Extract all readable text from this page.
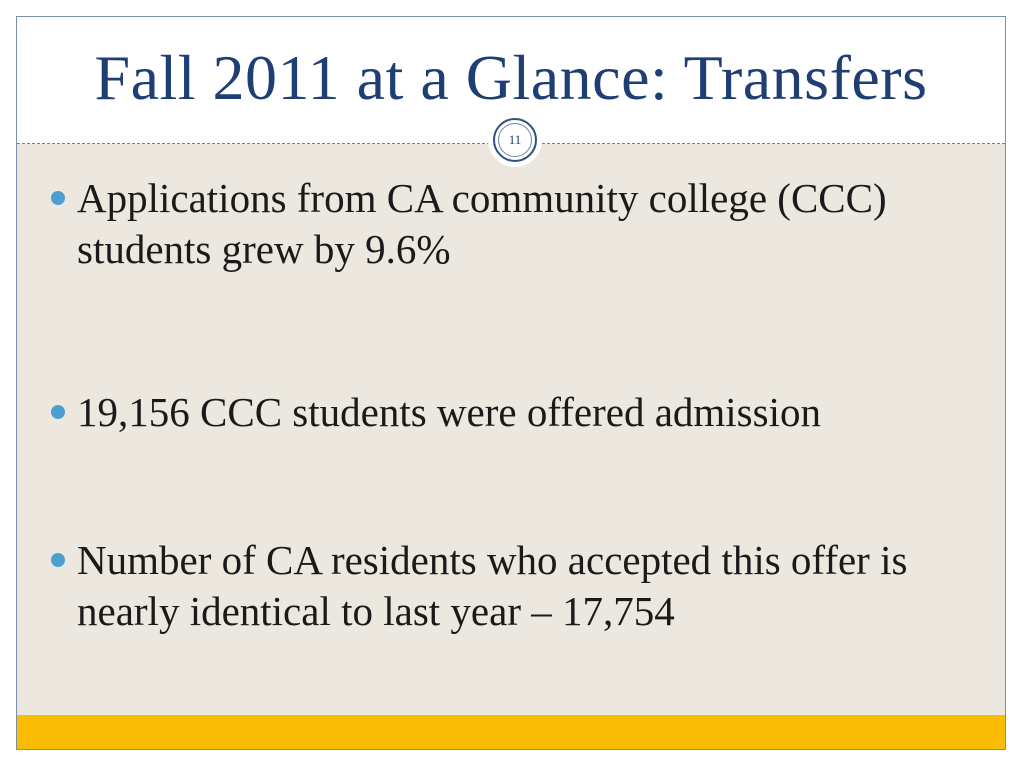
Fall 2011 at a Glance: Transfers
11
Applications from CA community college (CCC) students grew by 9.6%
19,156 CCC students were offered admission
Number of CA residents who accepted this offer is nearly identical to last year – 17,754
